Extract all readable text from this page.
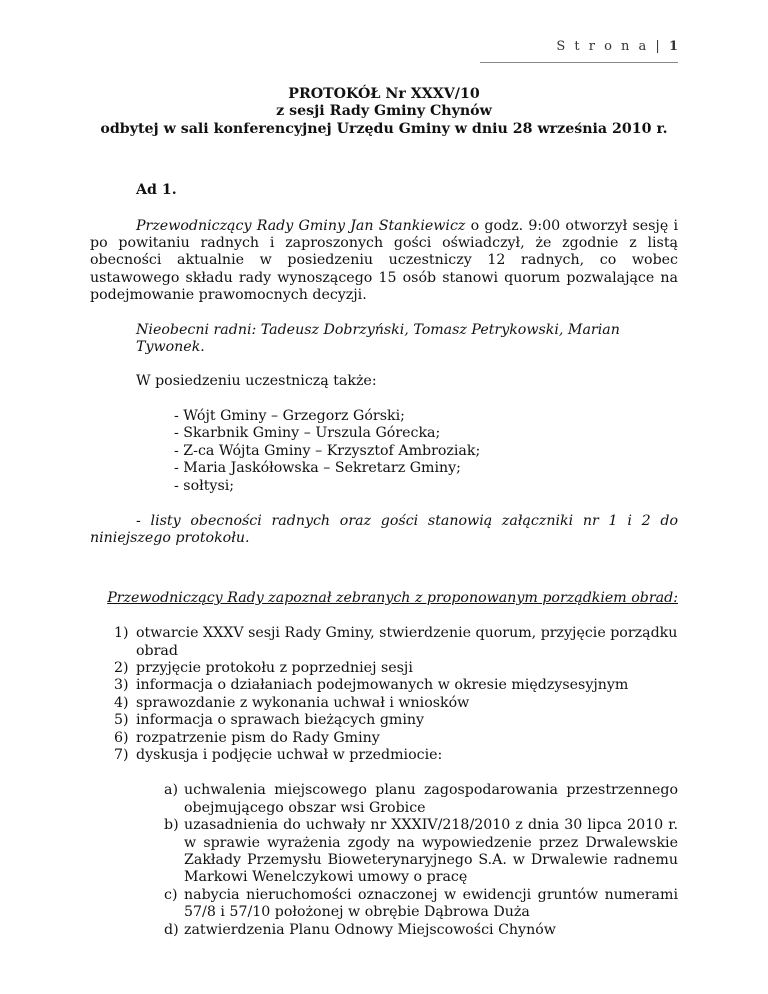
S t r o n a | 1

PROTOKÓŁ Nr XXXV/10

z sesji Rady Gminy Chynów

odbytej w sali konferencyjnej Urzędu Gminy w dniu 28 września 2010 r.

Ad 1.

Przewodniczący Rady Gminy Jan Stankiewicz o godz. 9:00 otworzył sesję i po powitaniu radnych i zaproszonych gości oświadczył, że zgodnie z listą obecności aktualnie w posiedzeniu uczestniczy 12 radnych, co wobec ustawowego składu rady wynoszącego 15 osób stanowi quorum pozwalające na podejmowanie prawomocnych decyzji.

Nieobecni radni: Tadeusz Dobrzyński, Tomasz Petrykowski, Marian Tywonek.

W posiedzeniu uczestniczą także:

- Wójt Gminy – Grzegorz Górski;
- Skarbnik Gminy – Urszula Górecka;
- Z-ca Wójta Gminy – Krzysztof Ambroziak;
- Maria Jaskółowska – Sekretarz Gminy;
- sołtysi;

- listy obecności radnych oraz gości stanowią załączniki nr 1 i 2 do niniejszego protokołu.

Przewodniczący Rady zapoznał zebranych z proponowanym porządkiem obrad:

1) otwarcie XXXV sesji Rady Gminy, stwierdzenie quorum, przyjęcie porządku obrad
2) przyjęcie protokołu z poprzedniej sesji
3) informacja o działaniach podejmowanych w okresie międzysesyjnym
4) sprawozdanie z wykonania uchwał i wniosków
5) informacja o sprawach bieżących gminy
6) rozpatrzenie pism do Rady Gminy
7) dyskusja i podjęcie uchwał w przedmiocie:
a) uchwalenia miejscowego planu zagospodarowania przestrzennego obejmującego obszar wsi Grobice
b) uzasadnienia do uchwały nr XXXIV/218/2010 z dnia 30 lipca 2010 r. w sprawie wyrażenia zgody na wypowiedzenie przez Drwalewskie Zakłady Przemysłu Bioweterynaryjnego S.A. w Drwalewie radnemu Markowi Wenelczykowi umowy o pracę
c) nabycia nieruchomości oznaczonej w ewidencji gruntów numerami 57/8 i 57/10 położonej w obrębie Dąbrowa Duża
d) zatwierdzenia Planu Odnowy Miejscowości Chynów
